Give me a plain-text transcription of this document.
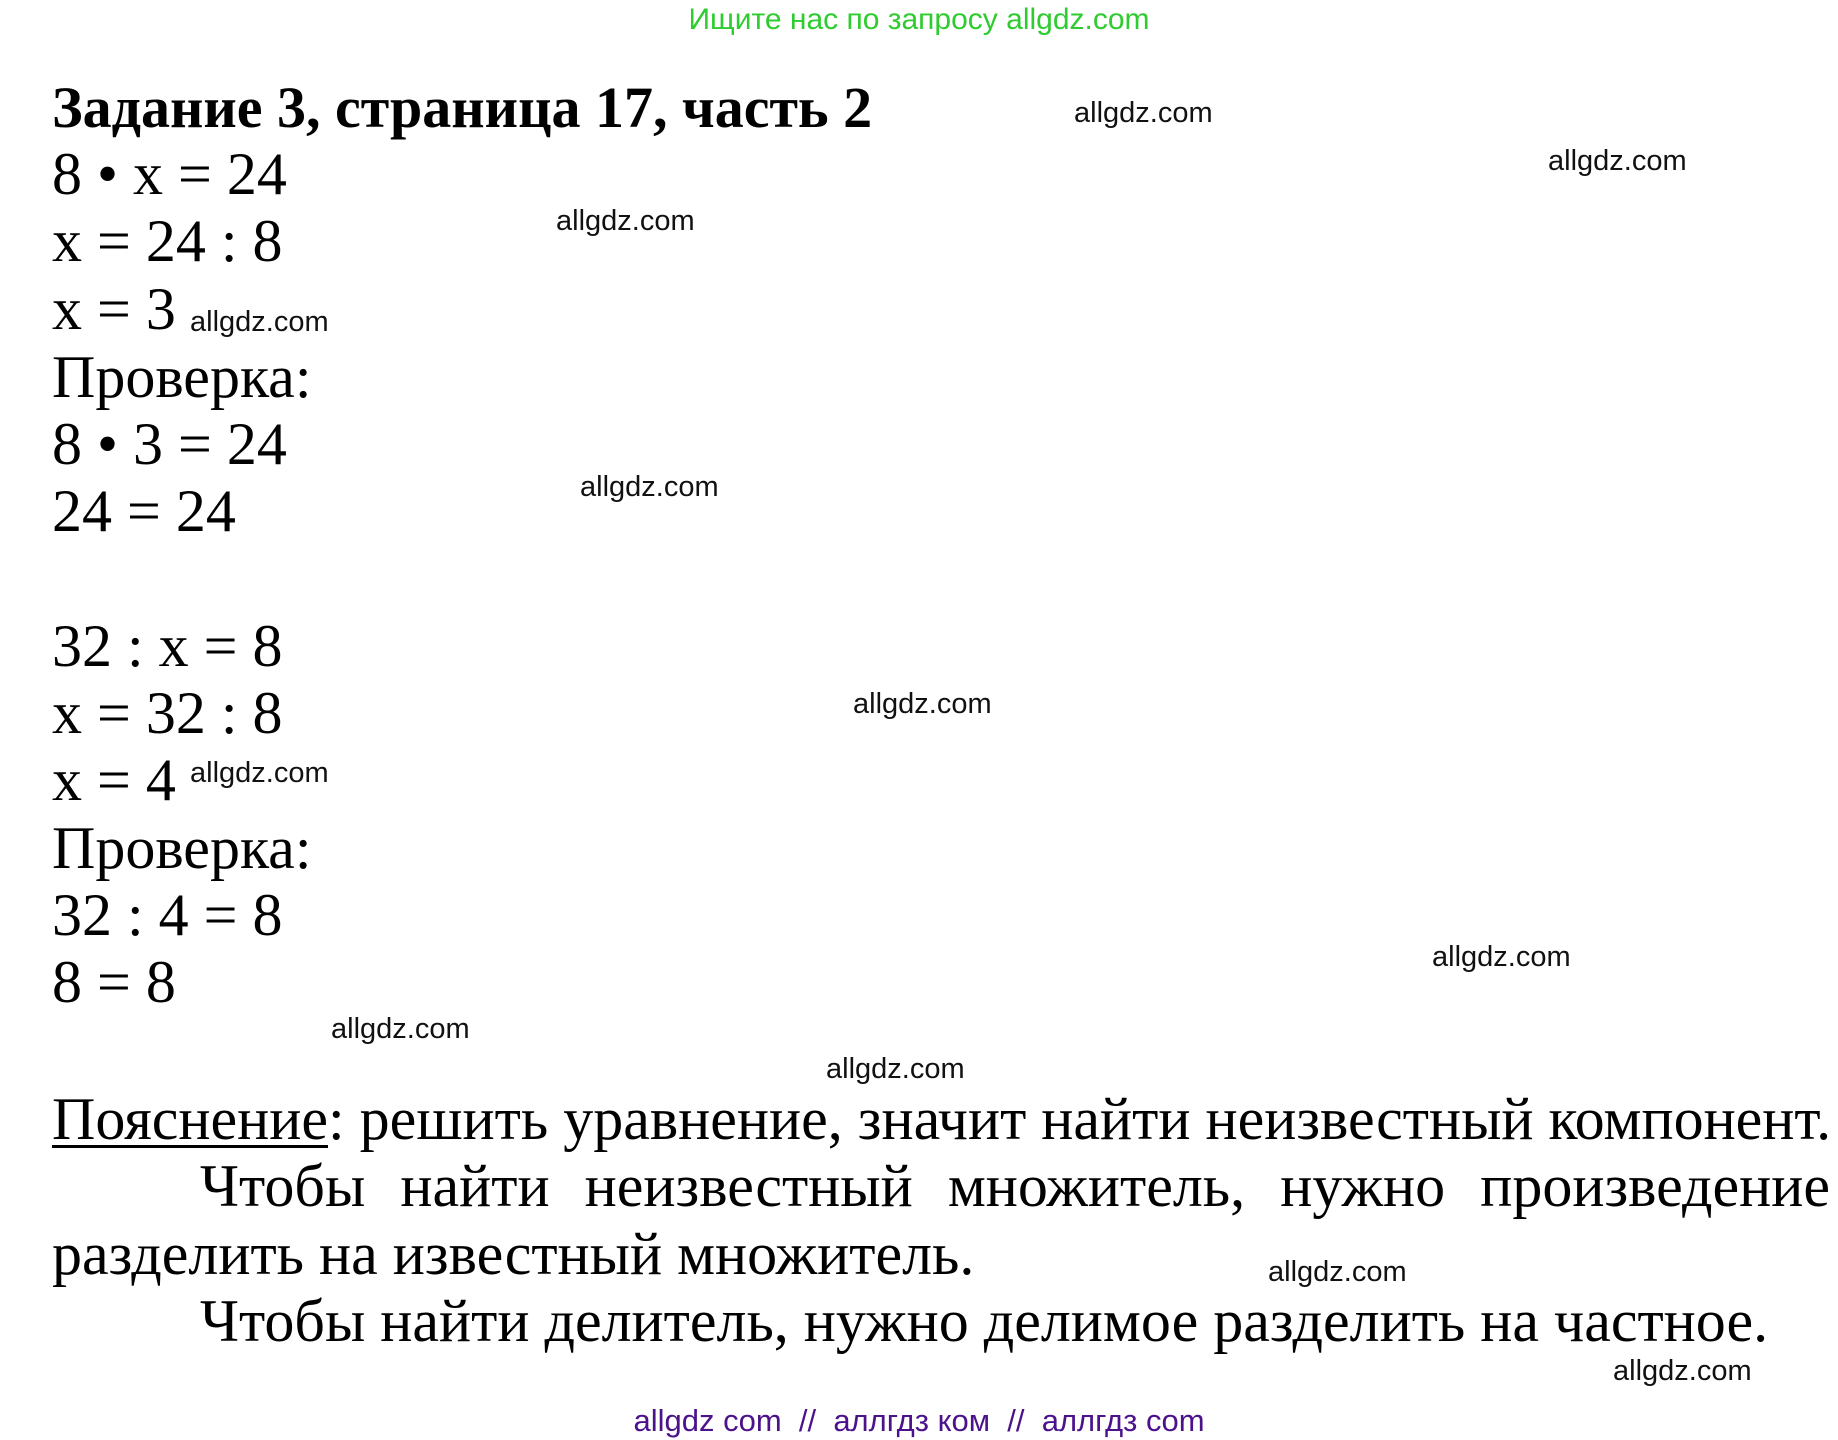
Ищите нас по запросу allgdz.com
Задание 3, страница 17, часть 2
8 • x = 24
x = 24 : 8
x = 3
Проверка:
8 • 3 = 24
24 = 24
32 : x = 8
x = 32 : 8
x = 4
Проверка:
32 : 4 = 8
8 = 8
Пояснение: решить уравнение, значит найти неизвестный компонент.
Чтобы найти неизвестный множитель, нужно произведение
разделить на известный множитель.
Чтобы найти делитель, нужно делимое разделить на частное.
allgdz.com
allgdz.com
allgdz.com
allgdz.com
allgdz.com
allgdz.com
allgdz.com
allgdz.com
allgdz.com
allgdz.com
allgdz.com
allgdz.com
allgdz com  //  аллгдз ком  //  аллгдз com
